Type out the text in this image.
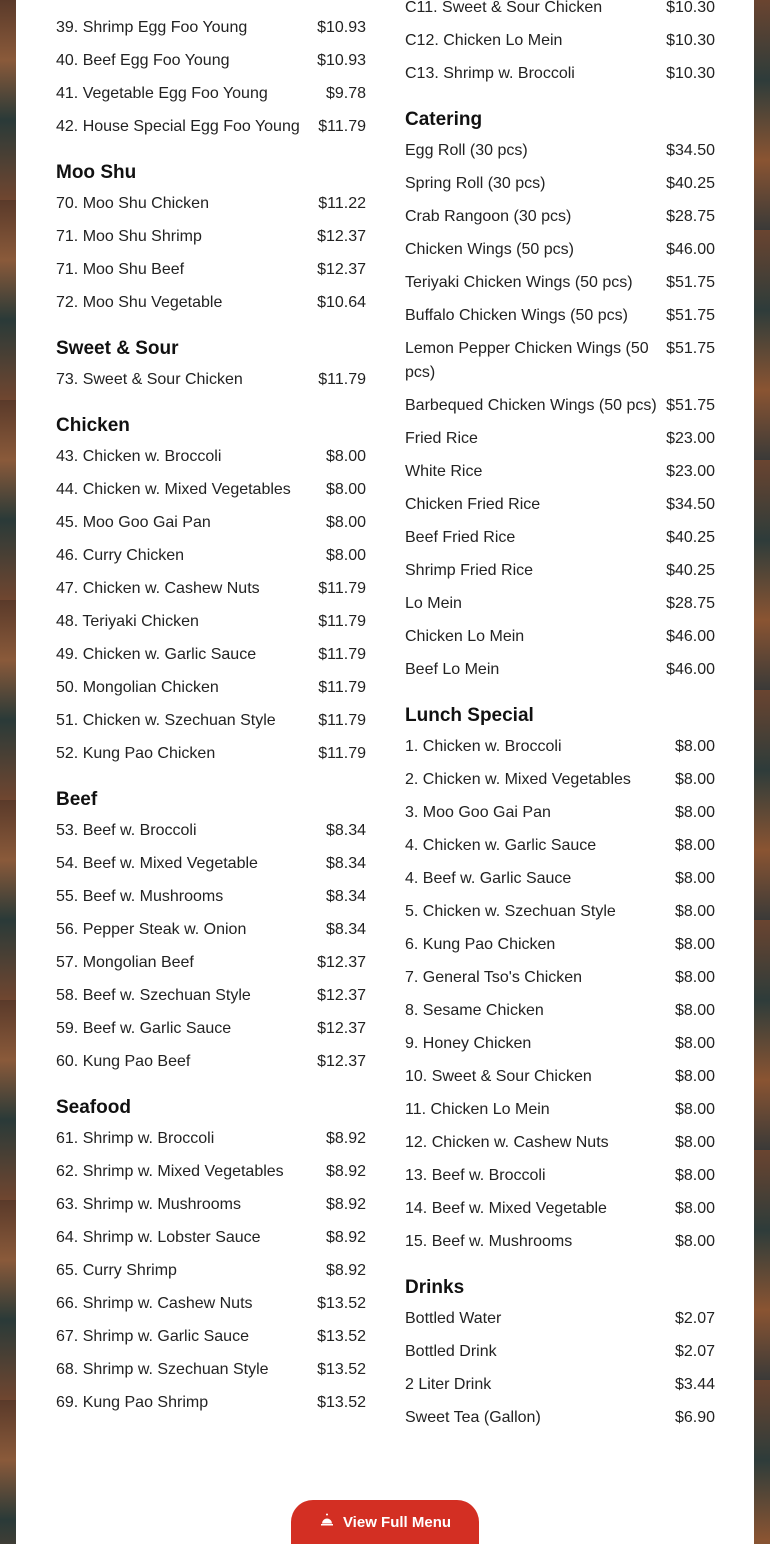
39. Shrimp Egg Foo Young	$10.93
40. Beef Egg Foo Young	$10.93
41. Vegetable Egg Foo Young	$9.78
42. House Special Egg Foo Young	$11.79
Moo Shu
70. Moo Shu Chicken	$11.22
71. Moo Shu Shrimp	$12.37
71. Moo Shu Beef	$12.37
72. Moo Shu Vegetable	$10.64
Sweet & Sour
73. Sweet & Sour Chicken	$11.79
Chicken
43. Chicken w. Broccoli	$8.00
44. Chicken w. Mixed Vegetables	$8.00
45. Moo Goo Gai Pan	$8.00
46. Curry Chicken	$8.00
47. Chicken w. Cashew Nuts	$11.79
48. Teriyaki Chicken	$11.79
49. Chicken w. Garlic Sauce	$11.79
50. Mongolian Chicken	$11.79
51. Chicken w. Szechuan Style	$11.79
52. Kung Pao Chicken	$11.79
Beef
53. Beef w. Broccoli	$8.34
54. Beef w. Mixed Vegetable	$8.34
55. Beef w. Mushrooms	$8.34
56. Pepper Steak w. Onion	$8.34
57. Mongolian Beef	$12.37
58. Beef w. Szechuan Style	$12.37
59. Beef w. Garlic Sauce	$12.37
60. Kung Pao Beef	$12.37
Seafood
61. Shrimp w. Broccoli	$8.92
62. Shrimp w. Mixed Vegetables	$8.92
63. Shrimp w. Mushrooms	$8.92
64. Shrimp w. Lobster Sauce	$8.92
65. Curry Shrimp	$8.92
66. Shrimp w. Cashew Nuts	$13.52
67. Shrimp w. Garlic Sauce	$13.52
68. Shrimp w. Szechuan Style	$13.52
69. Kung Pao Shrimp	$13.52
C11. Sweet & Sour Chicken	$10.30
C12. Chicken Lo Mein	$10.30
C13. Shrimp w. Broccoli	$10.30
Catering
Egg Roll (30 pcs)	$34.50
Spring Roll (30 pcs)	$40.25
Crab Rangoon (30 pcs)	$28.75
Chicken Wings (50 pcs)	$46.00
Teriyaki Chicken Wings (50 pcs)	$51.75
Buffalo Chicken Wings (50 pcs)	$51.75
Lemon Pepper Chicken Wings (50 pcs)
$51.75
Barbequed Chicken Wings (50 pcs) $51.75
Fried Rice	$23.00
White Rice	$23.00
Chicken Fried Rice	$34.50
Beef Fried Rice	$40.25
Shrimp Fried Rice	$40.25
Lo Mein	$28.75
Chicken Lo Mein	$46.00
Beef Lo Mein	$46.00
Lunch Special
1. Chicken w. Broccoli	$8.00
2. Chicken w. Mixed Vegetables	$8.00
3. Moo Goo Gai Pan	$8.00
4. Chicken w. Garlic Sauce	$8.00
4. Beef w. Garlic Sauce	$8.00
5. Chicken w. Szechuan Style	$8.00
6. Kung Pao Chicken	$8.00
7. General Tso's Chicken	$8.00
8. Sesame Chicken	$8.00
9. Honey Chicken	$8.00
10. Sweet & Sour Chicken	$8.00
11. Chicken Lo Mein	$8.00
12. Chicken w. Cashew Nuts	$8.00
13. Beef w. Broccoli	$8.00
14. Beef w. Mixed Vegetable	$8.00
15. Beef w. Mushrooms	$8.00
Drinks
Bottled Water	$2.07
Bottled Drink	$2.07
2 Liter Drink	$3.44
Sweet Tea (Gallon)	$6.90
View Full Menu
